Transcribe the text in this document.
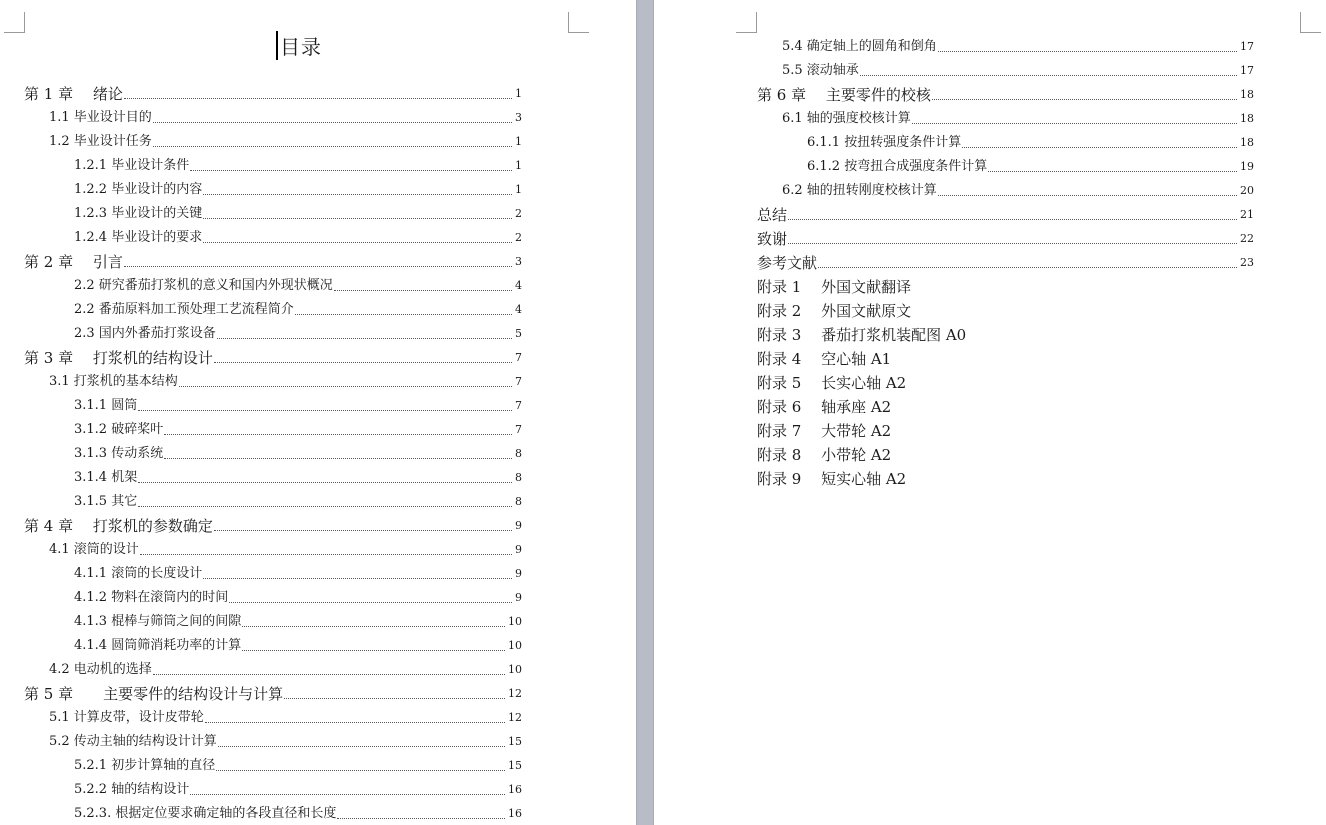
目录
第 1 章　 绪论	1
1.1 毕业设计目的	3
1.2 毕业设计任务	1
1.2.1 毕业设计条件	1
1.2.2 毕业设计的内容	1
1.2.3 毕业设计的关键	2
1.2.4 毕业设计的要求	2
第 2 章　 引言	3
2.2 研究番茄打浆机的意义和国内外现状概况	4
2.2 番茄原料加工预处理工艺流程简介	4
2.3 国内外番茄打浆设备	5
第 3 章　 打浆机的结构设计	7
3.1 打浆机的基本结构	7
3.1.1 圆筒	7
3.1.2 破碎桨叶	7
3.1.3 传动系统	8
3.1.4 机架	8
3.1.5 其它	8
第 4 章　 打浆机的参数确定	9
4.1 滚筒的设计	9
4.1.1 滚筒的长度设计	9
4.1.2 物料在滚筒内的时间	9
4.1.3 棍棒与筛筒之间的间隙	10
4.1.4 圆筒筛消耗功率的计算	10
4.2 电动机的选择	10
第 5 章　　主要零件的结构设计与计算	12
5.1 计算皮带，设计皮带轮	12
5.2 传动主轴的结构设计计算	15
5.2.1 初步计算轴的直径	15
5.2.2 轴的结构设计	16
5.2.3. 根据定位要求确定轴的各段直径和长度	16
5.4 确定轴上的圆角和倒角	17
5.5 滚动轴承	17
第 6 章　 主要零件的校核	18
6.1 轴的强度校核计算	18
6.1.1 按扭转强度条件计算	18
6.1.2 按弯扭合成强度条件计算	19
6.2 轴的扭转刚度校核计算	20
总结	21
致谢	22
参考文献	23
附录 1　 外国文献翻译
附录 2　 外国文献原文
附录 3　 番茄打浆机装配图 A0
附录 4　 空心轴 A1
附录 5　 长实心轴 A2
附录 6　 轴承座 A2
附录 7　 大带轮 A2
附录 8　 小带轮 A2
附录 9　 短实心轴 A2
